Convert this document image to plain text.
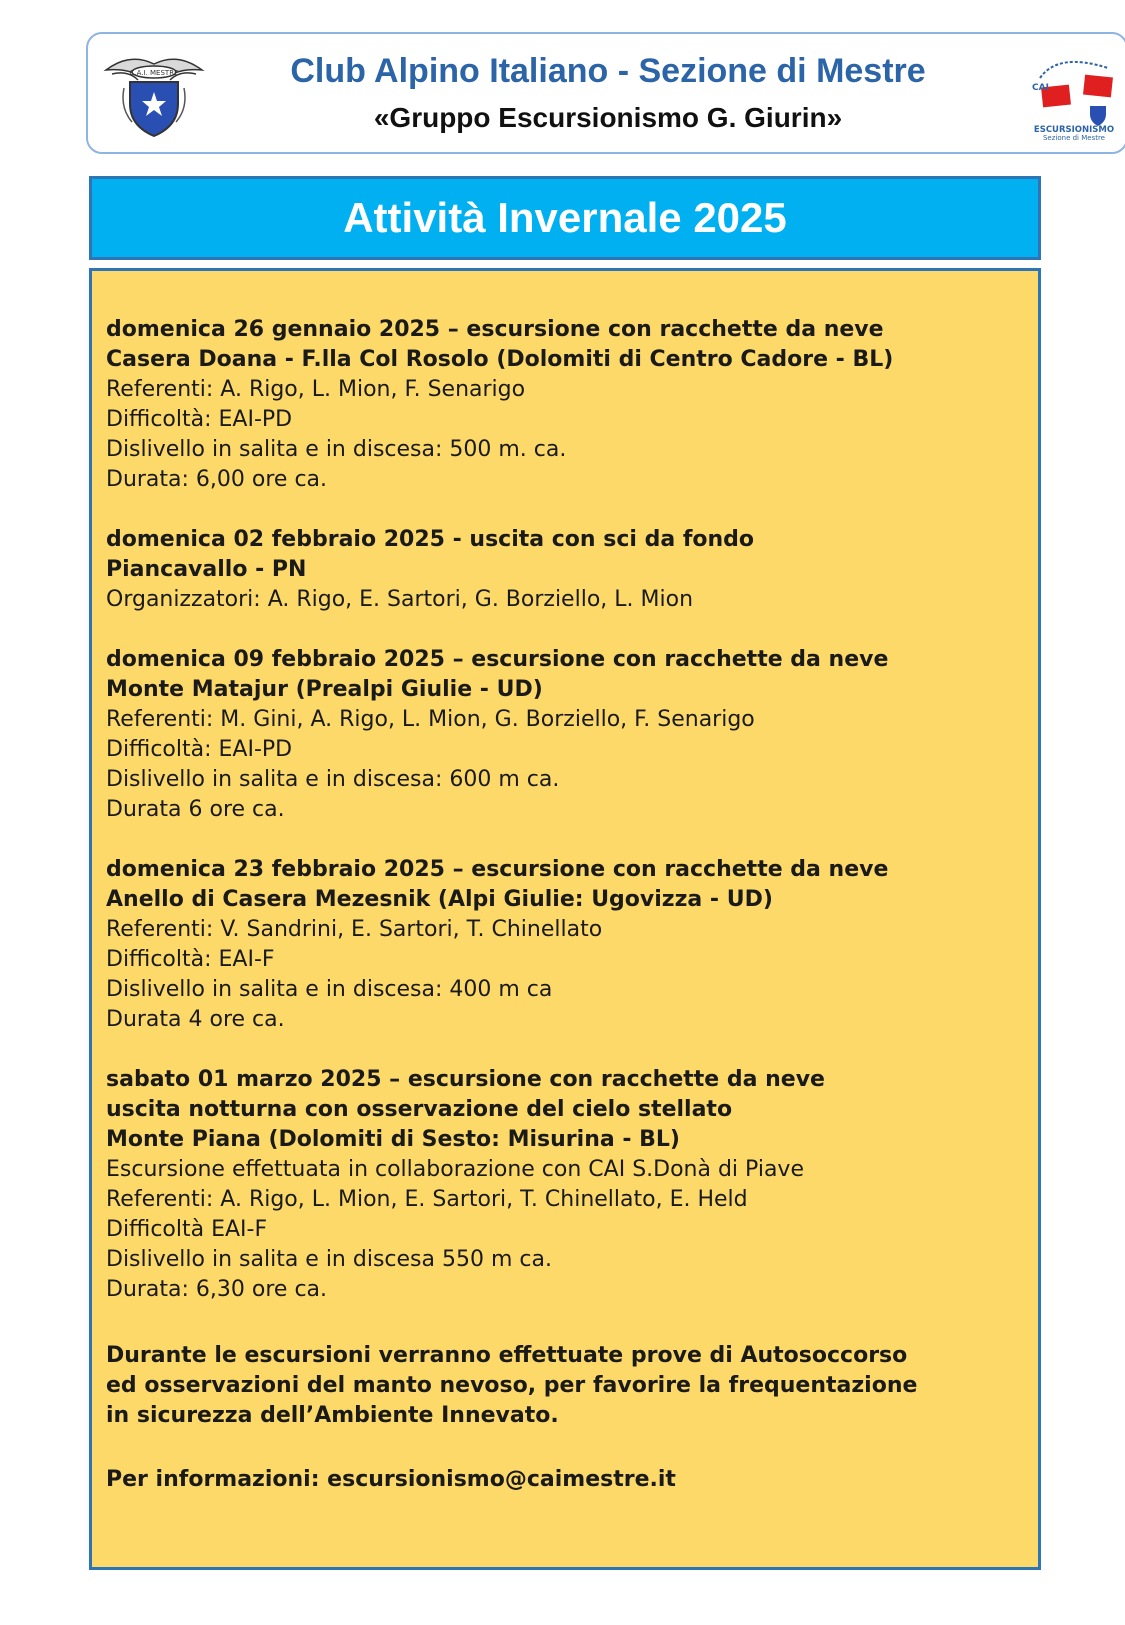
C.A.I. MESTRE	Club Alpino Italiano - Sezione di Mestre
«Gruppo Escursionismo G. Giurin»
CAI
ESCURSIONISMO
Sezione di Mestre
Attività Invernale 2025
domenica 26 gennaio 2025 – escursione con racchette da neve
Casera Doana - F.lla Col Rosolo (Dolomiti di Centro Cadore - BL)
Referenti: A. Rigo, L. Mion, F. Senarigo
Difficoltà: EAI-PD
Dislivello in salita e in discesa: 500 m. ca.
Durata: 6,00 ore ca.
domenica 02 febbraio 2025 - uscita con sci da fondo
Piancavallo - PN
Organizzatori: A. Rigo, E. Sartori, G. Borziello, L. Mion
domenica 09 febbraio 2025 – escursione con racchette da neve
Monte Matajur (Prealpi Giulie - UD)
Referenti: M. Gini, A. Rigo, L. Mion, G. Borziello, F. Senarigo
Difficoltà: EAI-PD
Dislivello in salita e in discesa: 600 m ca.
Durata 6 ore ca.
domenica 23 febbraio 2025 – escursione con racchette da neve
Anello di Casera Mezesnik (Alpi Giulie: Ugovizza - UD)
Referenti: V. Sandrini, E. Sartori, T. Chinellato
Difficoltà: EAI-F
Dislivello in salita e in discesa: 400 m ca
Durata 4 ore ca.
sabato 01 marzo 2025 – escursione con racchette da neve
uscita notturna con osservazione del cielo stellato
Monte Piana (Dolomiti di Sesto: Misurina - BL)
Escursione effettuata in collaborazione con CAI S.Donà di Piave
Referenti: A. Rigo, L. Mion, E. Sartori, T. Chinellato, E. Held
Difficoltà EAI-F
Dislivello in salita e in discesa 550 m ca.
Durata: 6,30 ore ca.
Durante le escursioni verranno effettuate prove di Autosoccorso
ed osservazioni del manto nevoso, per favorire la frequentazione
in sicurezza dell’Ambiente Innevato.
Per informazioni: escursionismo@caimestre.it
